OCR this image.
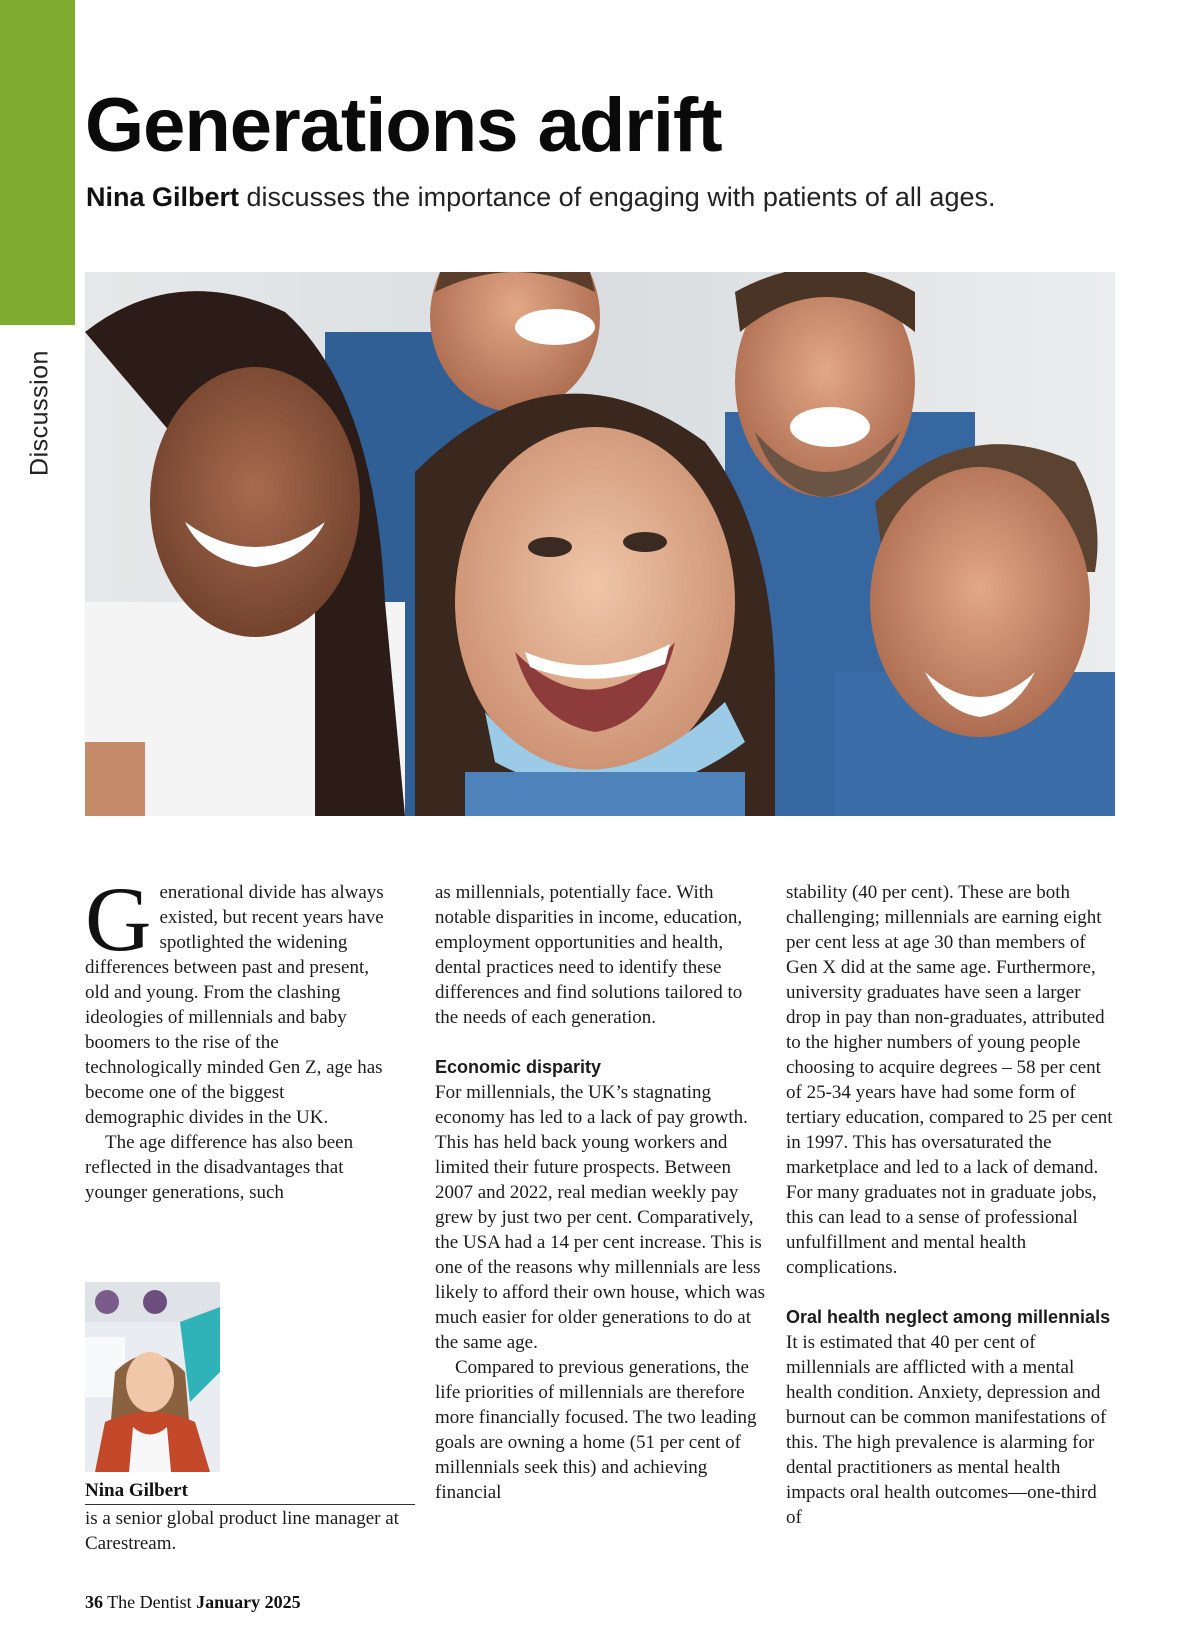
Discussion
Generations adrift

Nina Gilbert discusses the importance of engaging with patients of all ages.

Generational divide has always existed, but recent years have spotlighted the widening differences between past and present, old and young. From the clashing ideologies of millennials and baby boomers to the rise of the technologically minded Gen Z, age has become one of the biggest demographic divides in the UK.

The age difference has also been reflected in the disadvantages that younger generations, such

as millennials, potentially face. With notable disparities in income, education, employment opportunities and health, dental practices need to identify these differences and find solutions tailored to the needs of each generation.

Economic disparity

For millennials, the UK’s stagnating economy has led to a lack of pay growth. This has held back young workers and limited their future prospects. Between 2007 and 2022, real median weekly pay grew by just two per cent. Comparatively, the USA had a 14 per cent increase. This is one of the reasons why millennials are less likely to afford their own house, which was much easier for older generations to do at the same age.

Compared to previous generations, the life priorities of millennials are therefore more financially focused. The two leading goals are owning a home (51 per cent of millennials seek this) and achieving financial

stability (40 per cent). These are both challenging; millennials are earning eight per cent less at age 30 than members of Gen X did at the same age. Furthermore, university graduates have seen a larger drop in pay than non-graduates, attributed to the higher numbers of young people choosing to acquire degrees – 58 per cent of 25-34 years have had some form of tertiary education, compared to 25 per cent in 1997. This has oversaturated the marketplace and led to a lack of demand. For many graduates not in graduate jobs, this can lead to a sense of professional unfulfillment and mental health complications.

Oral health neglect among millennials

It is estimated that 40 per cent of millennials are afflicted with a mental health condition. Anxiety, depression and burnout can be common manifestations of this. The high prevalence is alarming for dental practitioners as mental health impacts oral health outcomes—one-third of

Nina Gilbert
is a senior global product line manager at Carestream.
36 The Dentist January 2025
